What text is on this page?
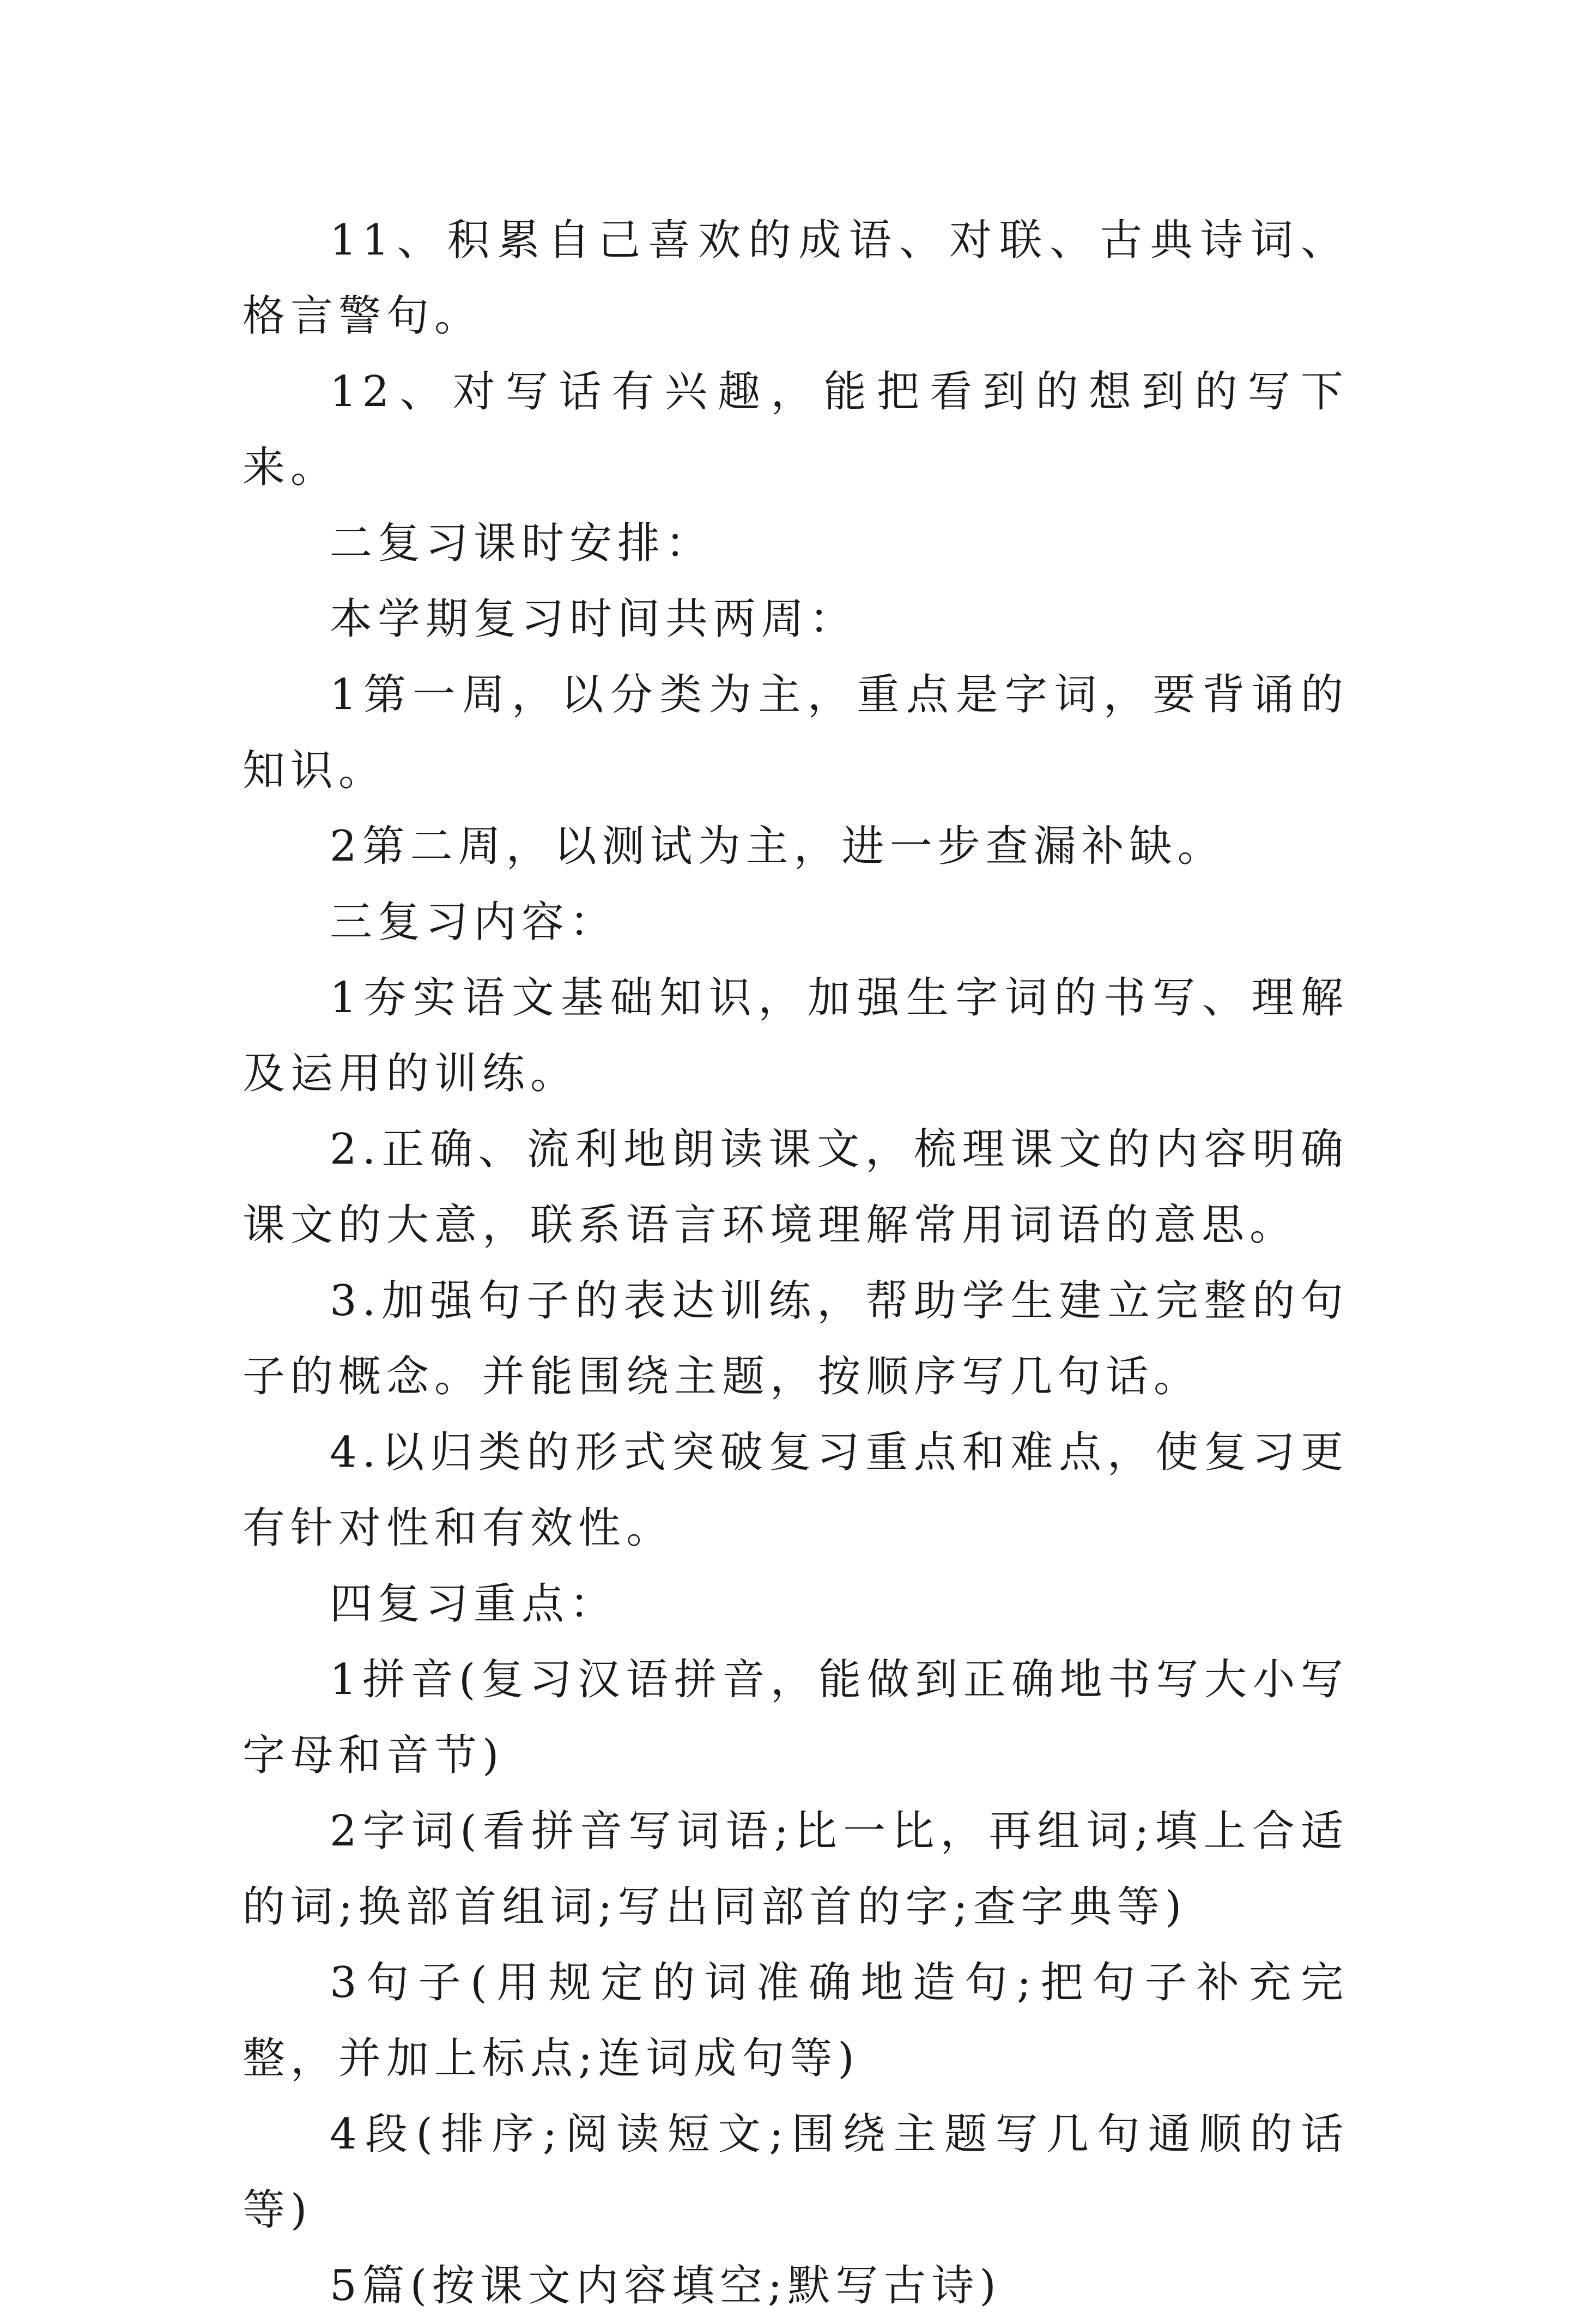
11、积累自己喜欢的成语、对联、古典诗词、格言警句。

12、对写话有兴趣，能把看到的想到的写下来。

二复习课时安排：

本学期复习时间共两周：

1第一周，以分类为主，重点是字词，要背诵的知识。

2第二周，以测试为主，进一步查漏补缺。

三复习内容：

1夯实语文基础知识，加强生字词的书写、理解及运用的训练。

2.正确、流利地朗读课文，梳理课文的内容明确课文的大意，联系语言环境理解常用词语的意思。

3.加强句子的表达训练，帮助学生建立完整的句子的概念。并能围绕主题，按顺序写几句话。

4.以归类的形式突破复习重点和难点，使复习更有针对性和有效性。

四复习重点：

1拼音(复习汉语拼音，能做到正确地书写大小写字母和音节)

2字词(看拼音写词语;比一比，再组词;填上合适的词;换部首组词;写出同部首的字;查字典等)

3句子(用规定的词准确地造句;把句子补充完整，并加上标点;连词成句等)

4段(排序;阅读短文;围绕主题写几句通顺的话等)

5篇(按课文内容填空;默写古诗)
